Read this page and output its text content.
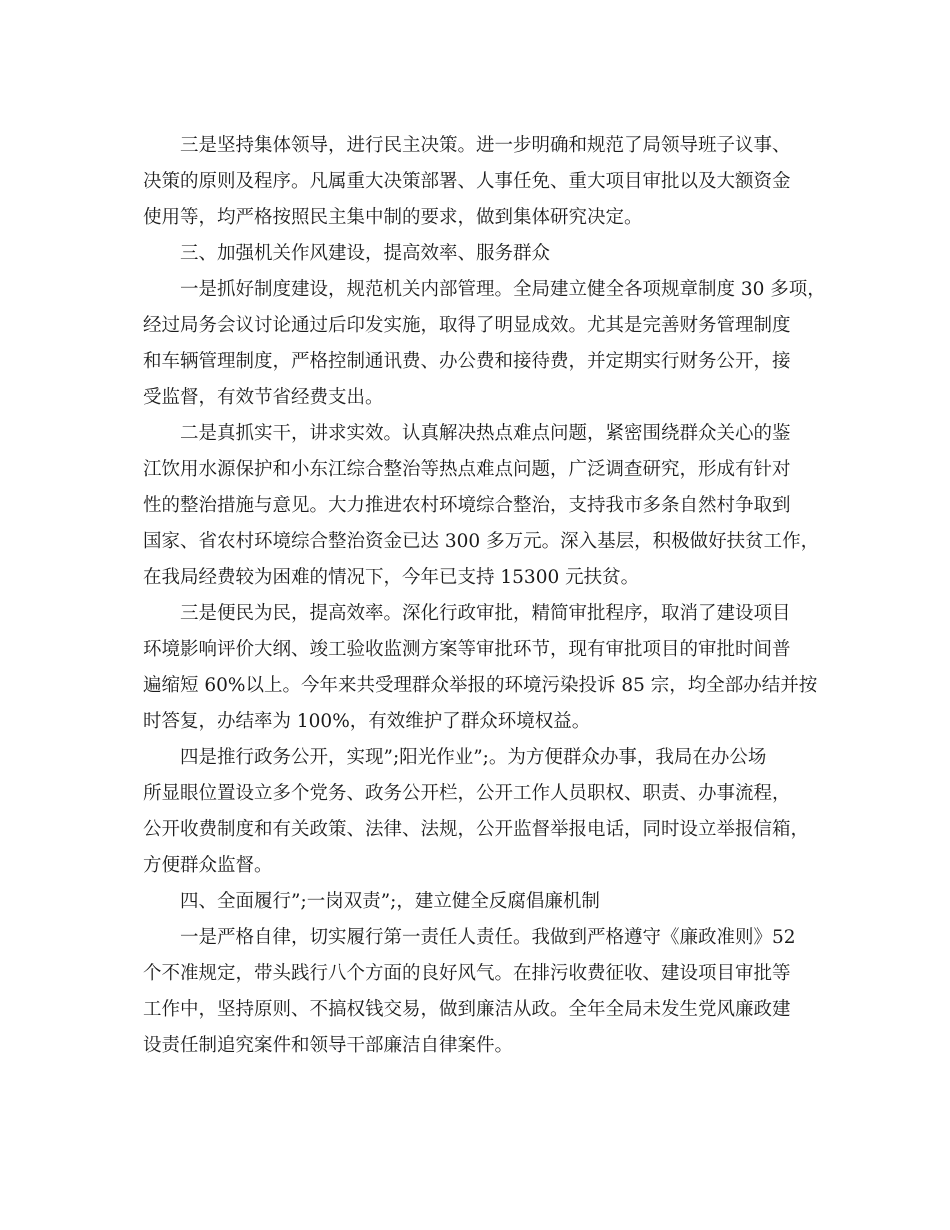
三是坚持集体领导，进行民主决策。进一步明确和规范了局领导班子议事、
决策的原则及程序。凡属重大决策部署、人事任免、重大项目审批以及大额资金
使用等，均严格按照民主集中制的要求，做到集体研究决定。

三、加强机关作风建设，提高效率、服务群众

一是抓好制度建设，规范机关内部管理。全局建立健全各项规章制度 30 多项，
经过局务会议讨论通过后印发实施，取得了明显成效。尤其是完善财务管理制度
和车辆管理制度，严格控制通讯费、办公费和接待费，并定期实行财务公开，接
受监督，有效节省经费支出。

二是真抓实干，讲求实效。认真解决热点难点问题，紧密围绕群众关心的鉴
江饮用水源保护和小东江综合整治等热点难点问题，广泛调查研究，形成有针对
性的整治措施与意见。大力推进农村环境综合整治，支持我市多条自然村争取到
国家、省农村环境综合整治资金已达 300 多万元。深入基层，积极做好扶贫工作，
在我局经费较为困难的情况下，今年已支持 15300 元扶贫。

三是便民为民，提高效率。深化行政审批，精简审批程序，取消了建设项目
环境影响评价大纲、竣工验收监测方案等审批环节，现有审批项目的审批时间普
遍缩短 60%以上。今年来共受理群众举报的环境污染投诉 85 宗，均全部办结并按
时答复，办结率为 100%，有效维护了群众环境权益。

四是推行政务公开，实现”;阳光作业”;。为方便群众办事，我局在办公场
所显眼位置设立多个党务、政务公开栏，公开工作人员职权、职责、办事流程，
公开收费制度和有关政策、法律、法规，公开监督举报电话，同时设立举报信箱，
方便群众监督。

四、全面履行”;一岗双责”;，建立健全反腐倡廉机制

一是严格自律，切实履行第一责任人责任。我做到严格遵守《廉政准则》52
个不准规定，带头践行八个方面的良好风气。在排污收费征收、建设项目审批等
工作中，坚持原则、不搞权钱交易，做到廉洁从政。全年全局未发生党风廉政建
设责任制追究案件和领导干部廉洁自律案件。
